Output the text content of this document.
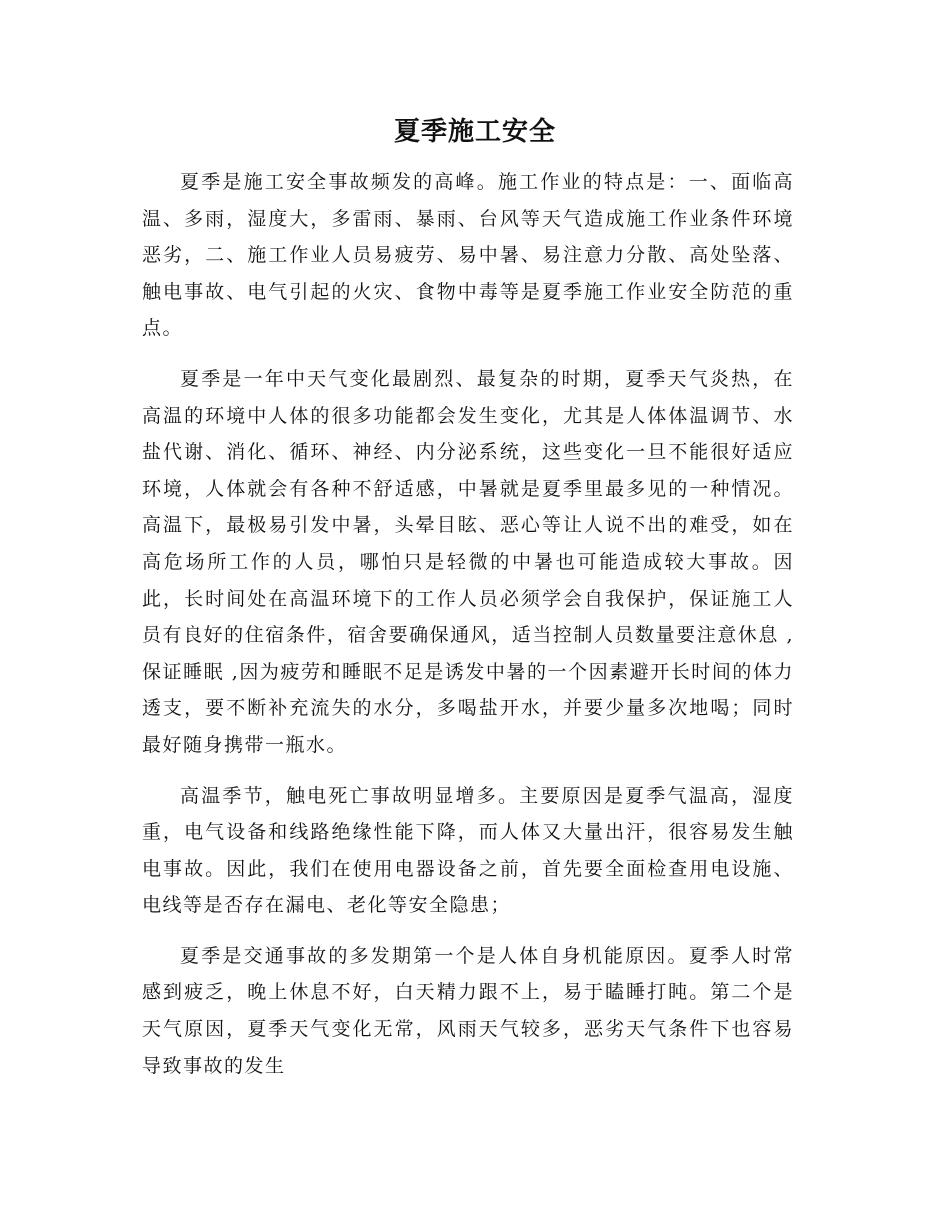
夏季施工安全

夏季是施工安全事故频发的高峰。施工作业的特点是：一、面临高温、多雨，湿度大，多雷雨、暴雨、台风等天气造成施工作业条件环境恶劣，二、施工作业人员易疲劳、易中暑、易注意力分散、高处坠落、触电事故、电气引起的火灾、食物中毒等是夏季施工作业安全防范的重点。

夏季是一年中天气变化最剧烈、最复杂的时期，夏季天气炎热，在高温的环境中人体的很多功能都会发生变化，尤其是人体体温调节、水盐代谢、消化、循环、神经、内分泌系统，这些变化一旦不能很好适应环境，人体就会有各种不舒适感，中暑就是夏季里最多见的一种情况。高温下，最极易引发中暑，头晕目眩、恶心等让人说不出的难受，如在高危场所工作的人员，哪怕只是轻微的中暑也可能造成较大事故。因此，长时间处在高温环境下的工作人员必须学会自我保护，保证施工人员有良好的住宿条件，宿舍要确保通风，适当控制人员数量要注意休息 ,保证睡眠 ,因为疲劳和睡眠不足是诱发中暑的一个因素避开长时间的体力透支，要不断补充流失的水分，多喝盐开水，并要少量多次地喝；同时最好随身携带一瓶水。

高温季节，触电死亡事故明显增多。主要原因是夏季气温高，湿度重，电气设备和线路绝缘性能下降，而人体又大量出汗，很容易发生触电事故。因此，我们在使用电器设备之前，首先要全面检查用电设施、电线等是否存在漏电、老化等安全隐患；

夏季是交通事故的多发期第一个是人体自身机能原因。夏季人时常感到疲乏，晚上休息不好，白天精力跟不上，易于瞌睡打盹。第二个是天气原因，夏季天气变化无常，风雨天气较多，恶劣天气条件下也容易导致事故的发生
